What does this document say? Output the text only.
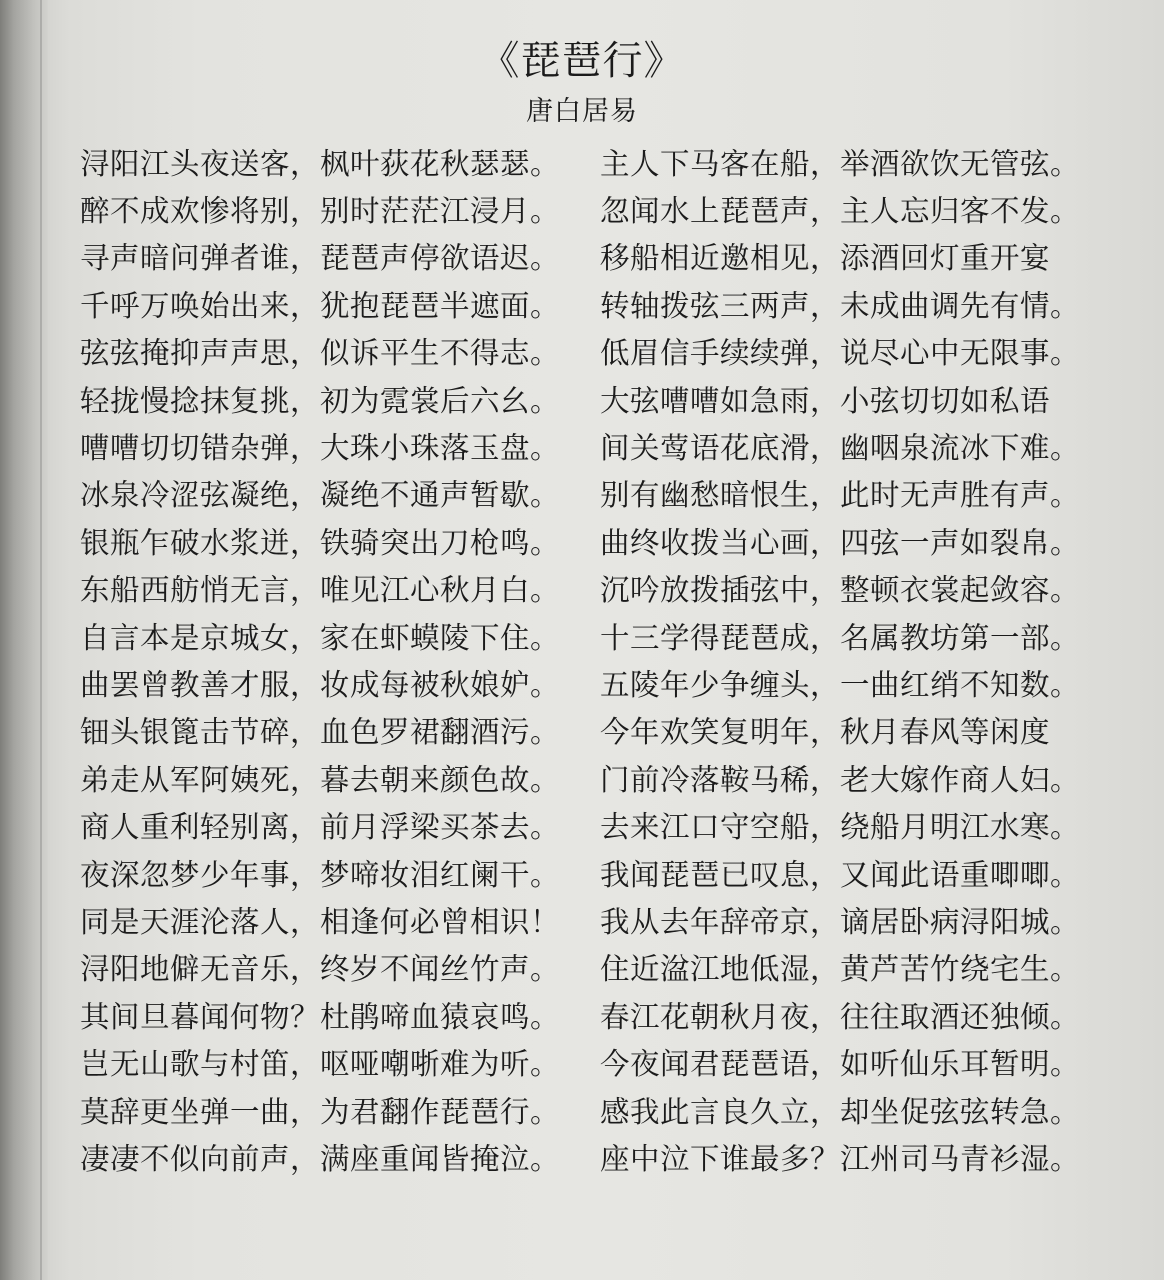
《琵琶行》
唐白居易
浔阳江头夜送客，枫叶荻花秋瑟瑟。	主人下马客在船，举酒欲饮无管弦。
醉不成欢惨将别，别时茫茫江浸月。	忽闻水上琵琶声，主人忘归客不发。
寻声暗问弹者谁，琵琶声停欲语迟。	移船相近邀相见，添酒回灯重开宴
千呼万唤始出来，犹抱琵琶半遮面。	转轴拨弦三两声，未成曲调先有情。
弦弦掩抑声声思，似诉平生不得志。	低眉信手续续弹，说尽心中无限事。
轻拢慢捻抹复挑，初为霓裳后六幺。	大弦嘈嘈如急雨，小弦切切如私语
嘈嘈切切错杂弹，大珠小珠落玉盘。	间关莺语花底滑，幽咽泉流冰下难。
冰泉冷涩弦凝绝，凝绝不通声暂歇。	别有幽愁暗恨生，此时无声胜有声。
银瓶乍破水浆迸，铁骑突出刀枪鸣。	曲终收拨当心画，四弦一声如裂帛。
东船西舫悄无言，唯见江心秋月白。	沉吟放拨插弦中，整顿衣裳起敛容。
自言本是京城女，家在虾蟆陵下住。	十三学得琵琶成，名属教坊第一部。
曲罢曾教善才服，妆成每被秋娘妒。	五陵年少争缠头，一曲红绡不知数。
钿头银篦击节碎，血色罗裙翻酒污。	今年欢笑复明年，秋月春风等闲度
弟走从军阿姨死，暮去朝来颜色故。	门前冷落鞍马稀，老大嫁作商人妇。
商人重利轻别离，前月浮梁买茶去。	去来江口守空船，绕船月明江水寒。
夜深忽梦少年事，梦啼妆泪红阑干。	我闻琵琶已叹息，又闻此语重唧唧。
同是天涯沦落人，相逢何必曾相识！	我从去年辞帝京，谪居卧病浔阳城。
浔阳地僻无音乐，终岁不闻丝竹声。	住近湓江地低湿，黄芦苦竹绕宅生。
其间旦暮闻何物？杜鹃啼血猿哀鸣。	春江花朝秋月夜，往往取酒还独倾。
岂无山歌与村笛，呕哑嘲哳难为听。	今夜闻君琵琶语，如听仙乐耳暂明。
莫辞更坐弹一曲，为君翻作琵琶行。	感我此言良久立，却坐促弦弦转急。
凄凄不似向前声，满座重闻皆掩泣。	座中泣下谁最多？江州司马青衫湿。
